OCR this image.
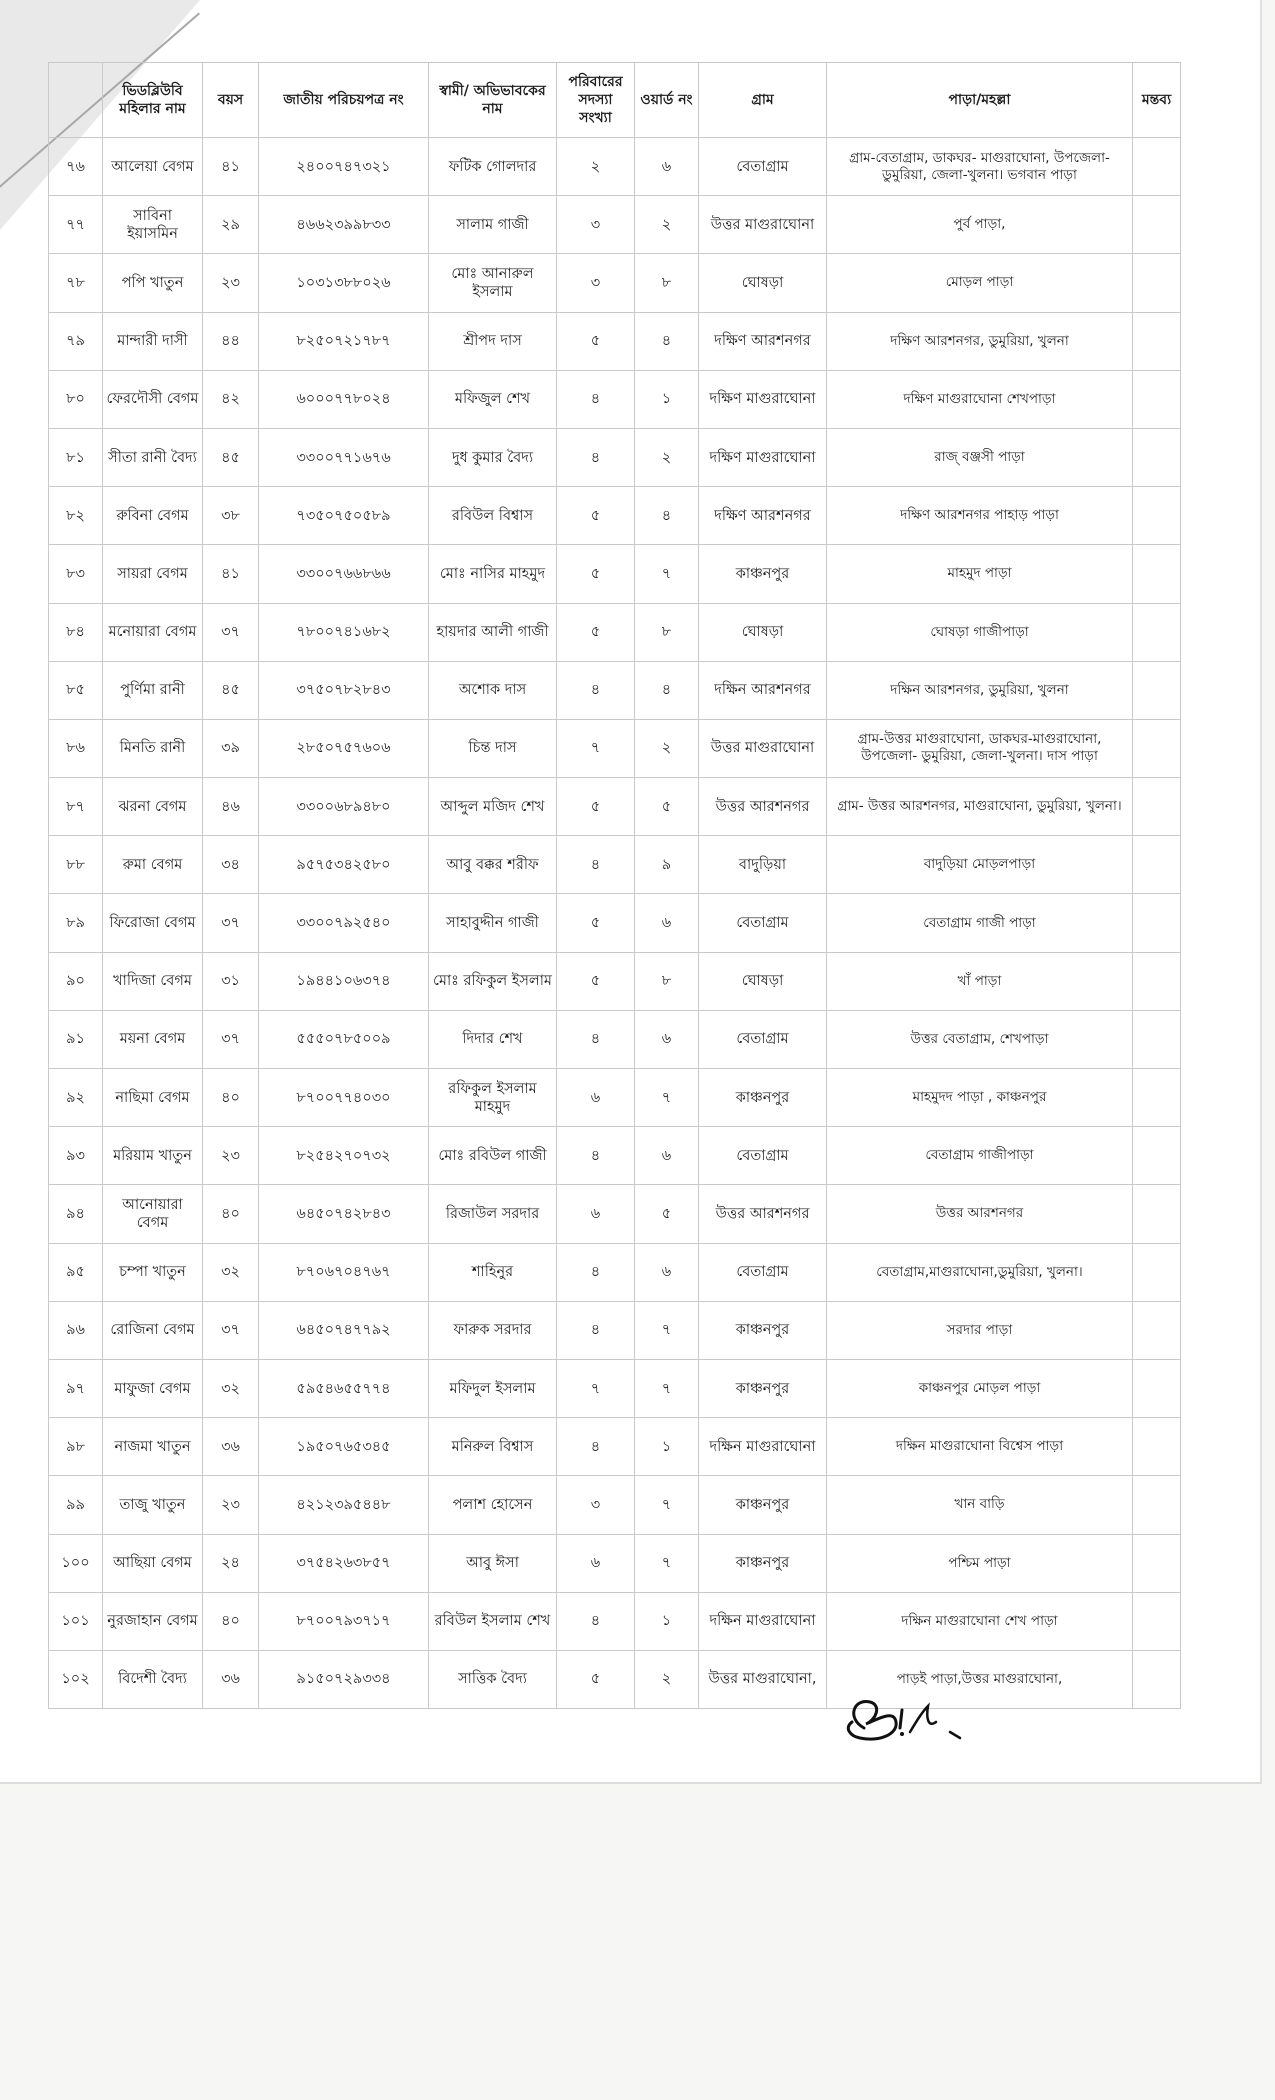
	ভিডব্লিউবি মহিলার নাম	বয়স	জাতীয় পরিচয়পত্র নং	স্বামী/ অভিভাবকের নাম	পরিবারের সদস্যা সংখ্যা	ওয়ার্ড নং	গ্রাম	পাড়া/মহল্লা	মন্তব্য
৭৬	আলেয়া বেগম	৪১	২৪০০৭৪৭৩২১	ফটিক গোলদার	২	৬	বেতাগ্রাম	গ্রাম-বেতাগ্রাম, ডাকঘর- মাগুরাঘোনা, উপজেলা- ডুমুরিয়া, জেলা-খুলনা। ভগবান পাড়া	
৭৭	সাবিনা ইয়াসমিন	২৯	৪৬৬২৩৯৯৮৩৩	সালাম গাজী	৩	২	উত্তর মাগুরাঘোনা	পুর্ব পাড়া,	
৭৮	পপি খাতুন	২৩	১০৩১৩৮৮০২৬	মোঃ আনারুল ইসলাম	৩	৮	ঘোষড়া	মোড়ল পাড়া	
৭৯	মান্দারী দাসী	৪৪	৮২৫০৭২১৭৮৭	শ্রীপদ দাস	৫	৪	দক্ষিণ আরশনগর	দক্ষিণ আরশনগর, ডুমুরিয়া, খুলনা	
৮০	ফেরদৌসী বেগম	৪২	৬০০০৭৭৮০২৪	মফিজুল শেখ	৪	১	দক্ষিণ মাগুরাঘোনা	দক্ষিণ মাগুরাঘোনা শেখপাড়া	
৮১	সীতা রানী বৈদ্য	৪৫	৩৩০০৭৭১৬৭৬	দুধ কুমার বৈদ্য	৪	২	দক্ষিণ মাগুরাঘোনা	রাজ্ বঞ্জসী পাড়া	
৮২	রুবিনা বেগম	৩৮	৭৩৫০৭৫০৫৮৯	রবিউল বিশ্বাস	৫	৪	দক্ষিণ আরশনগর	দক্ষিণ আরশনগর পাহাড় পাড়া	
৮৩	সায়রা বেগম	৪১	৩৩০০৭৬৬৮৬৬	মোঃ নাসির মাহমুদ	৫	৭	কাঞ্চনপুর	মাহমুদ পাড়া	
৮৪	মনোয়ারা বেগম	৩৭	৭৮০০৭৪১৬৮২	হায়দার আলী গাজী	৫	৮	ঘোষড়া	ঘোষড়া গাজীপাড়া	
৮৫	পুর্ণিমা রানী	৪৫	৩৭৫০৭৮২৮৪৩	অশোক দাস	৪	৪	দক্ষিন আরশনগর	দক্ষিন আরশনগর, ডুমুরিয়া, খুলনা	
৮৬	মিনতি রানী	৩৯	২৮৫০৭৫৭৬০৬	চিন্ত দাস	৭	২	উত্তর মাগুরাঘোনা	গ্রাম-উত্তর মাগুরাঘোনা, ডাকঘর-মাগুরাঘোনা, উপজেলা- ডুমুরিয়া, জেলা-খুলনা। দাস পাড়া	
৮৭	ঝরনা বেগম	৪৬	৩৩০০৬৮৯৪৮০	আব্দুল মজিদ শেখ	৫	৫	উত্তর আরশনগর	গ্রাম- উত্তর আরশনগর, মাগুরাঘোনা, ডুমুরিয়া, খুলনা।	
৮৮	রুমা বেগম	৩৪	৯৫৭৫৩৪২৫৮০	আবু বক্কর শরীফ	৪	৯	বাদুড়িয়া	বাদুড়িয়া মোড়লপাড়া	
৮৯	ফিরোজা বেগম	৩৭	৩৩০০৭৯২৫৪০	সাহাবুদ্দীন গাজী	৫	৬	বেতাগ্রাম	বেতাগ্রাম গাজী পাড়া	
৯০	খাদিজা বেগম	৩১	১৯৪৪১০৬৩৭৪	মোঃ রফিকুল ইসলাম	৫	৮	ঘোষড়া	খাঁ পাড়া	
৯১	ময়না বেগম	৩৭	৫৫৫০৭৮৫০০৯	দিদার শেখ	৪	৬	বেতাগ্রাম	উত্তর বেতাগ্রাম, শেখপাড়া	
৯২	নাছিমা বেগম	৪০	৮৭০০৭৭৪০৩০	রফিকুল ইসলাম মাহমুদ	৬	৭	কাঞ্চনপুর	মাহমুদদ পাড়া , কাঞ্চনপুর	
৯৩	মরিয়াম খাতুন	২৩	৮২৫৪২৭০৭৩২	মোঃ রবিউল গাজী	৪	৬	বেতাগ্রাম	বেতাগ্রাম গাজীপাড়া	
৯৪	আনোয়ারা বেগম	৪০	৬৪৫০৭৪২৮৪৩	রিজাউল সরদার	৬	৫	উত্তর আরশনগর	উত্তর আরশনগর	
৯৫	চম্পা খাতুন	৩২	৮৭০৬৭০৪৭৬৭	শাহিনুর	৪	৬	বেতাগ্রাম	বেতাগ্রাম,মাগুরাঘোনা,ডুমুরিয়া, খুলনা।	
৯৬	রোজিনা বেগম	৩৭	৬৪৫০৭৪৭৭৯২	ফারুক সরদার	৪	৭	কাঞ্চনপুর	সরদার পাড়া	
৯৭	মাফুজা বেগম	৩২	৫৯৫৪৬৫৫৭৭৪	মফিদুল ইসলাম	৭	৭	কাঞ্চনপুর	কাঞ্চনপুর মোড়ল পাড়া	
৯৮	নাজমা খাতুন	৩৬	১৯৫০৭৬৫৩৪৫	মনিরুল বিশ্বাস	৪	১	দক্ষিন মাগুরাঘোনা	দক্ষিন মাগুরাঘোনা বিশ্বেস পাড়া	
৯৯	তাজু খাতুন	২৩	৪২১২৩৯৫৪৪৮	পলাশ হোসেন	৩	৭	কাঞ্চনপুর	খান বাড়ি	
১০০	আছিয়া বেগম	২৪	৩৭৫৪২৬৩৮৫৭	আবু ঈসা	৬	৭	কাঞ্চনপুর	পশ্চিম পাড়া	
১০১	নুরজাহান বেগম	৪০	৮৭০০৭৯৩৭১৭	রবিউল ইসলাম শেখ	৪	১	দক্ষিন মাগুরাঘোনা	দক্ষিন মাগুরাঘোনা শেখ পাড়া	
১০২	বিদেশী বৈদ্য	৩৬	৯১৫০৭২৯৩৩৪	সাত্তিক বৈদ্য	৫	২	উত্তর মাগুরাঘোনা,	পাড়ই পাড়া,উত্তর মাগুরাঘোনা,	
